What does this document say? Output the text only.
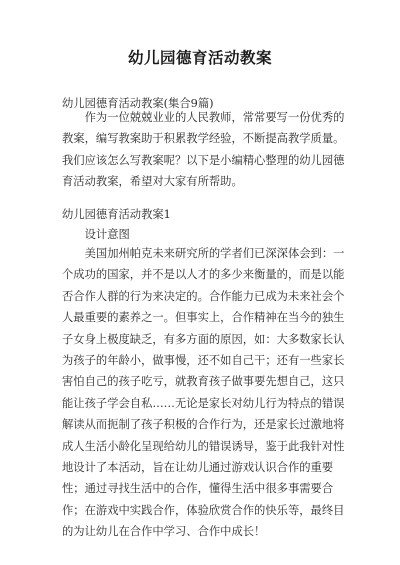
幼儿园德育活动教案

幼儿园德育活动教案(集合9篇)

作为一位兢兢业业的人民教师，常常要写一份优秀的教案，编写教案助于积累教学经验，不断提高教学质量。我们应该怎么写教案呢？以下是小编精心整理的幼儿园德育活动教案，希望对大家有所帮助。

幼儿园德育活动教案1

设计意图

美国加州帕克未来研究所的学者们已深深体会到：一个成功的国家，并不是以人才的多少来衡量的，而是以能否合作人群的行为来决定的。合作能力已成为未来社会个人最重要的素养之一。但事实上，合作精神在当今的独生子女身上极度缺乏，有多方面的原因，如：大多数家长认为孩子的年龄小，做事慢，还不如自己干；还有一些家长害怕自己的孩子吃亏，就教育孩子做事要先想自己，这只能让孩子学会自私……无论是家长对幼儿行为特点的错误解读从而扼制了孩子积极的合作行为，还是家长过激地将成人生活小龄化呈现给幼儿的错误诱导，鉴于此我针对性地设计了本活动，旨在让幼儿通过游戏认识合作的重要性；通过寻找生活中的合作，懂得生活中很多事需要合作；在游戏中实践合作，体验欣赏合作的快乐等，最终目的为让幼儿在合作中学习、合作中成长！
